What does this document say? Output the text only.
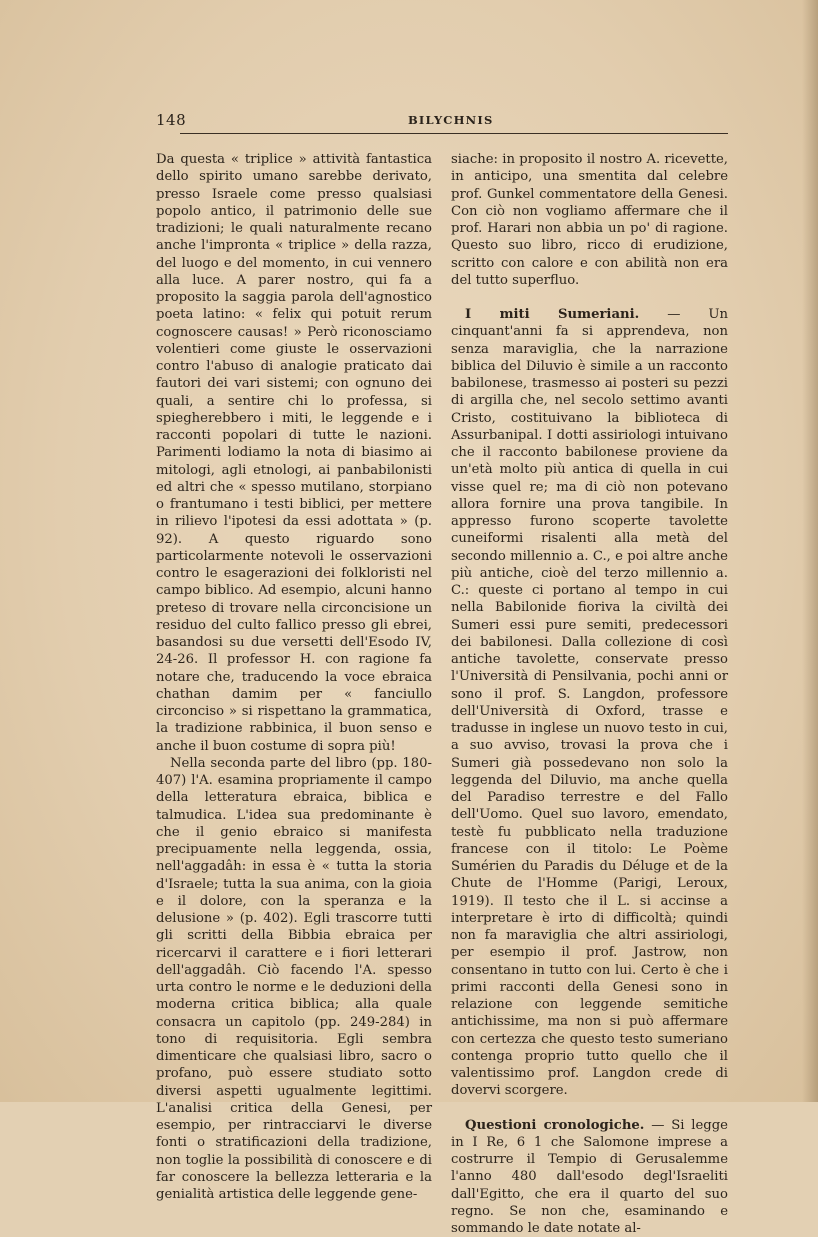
148	BILYCHNIS

Da questa « triplice » attività fantastica dello spirito umano sarebbe derivato, presso Israele come presso qualsiasi popolo antico, il patrimonio delle sue tradizioni; le quali naturalmente recano anche l'impronta « triplice » della razza, del luogo e del momento, in cui vennero alla luce. A parer nostro, qui fa a proposito la saggia parola dell'agnostico poeta latino: « felix qui potuit rerum cognoscere causas! » Però riconosciamo volentieri come giuste le osservazioni contro l'abuso di analogie praticato dai fautori dei vari sistemi; con ognuno dei quali, a sentire chi lo professa, si spiegherebbero i miti, le leggende e i racconti popolari di tutte le nazioni. Parimenti lodiamo la nota di biasimo ai mitologi, agli etnologi, ai panbabilonisti ed altri che « spesso mutilano, storpiano o frantumano i testi biblici, per mettere in rilievo l'ipotesi da essi adottata » (p. 92). A questo riguardo sono particolarmente notevoli le osservazioni contro le esagerazioni dei folkloristi nel campo biblico. Ad esempio, alcuni hanno preteso di trovare nella circoncisione un residuo del culto fallico presso gli ebrei, basandosi su due versetti dell'Esodo IV, 24-26. Il professor H. con ragione fa notare che, traducendo la voce ebraica chathan damim per « fanciullo circonciso » si rispettano la grammatica, la tradizione rabbinica, il buon senso e anche il buon costume di sopra più!

Nella seconda parte del libro (pp. 180-407) l'A. esamina propriamente il campo della letteratura ebraica, biblica e talmudica. L'idea sua predominante è che il genio ebraico si manifesta precipuamente nella leggenda, ossia, nell'aggadâh: in essa è « tutta la storia d'Israele; tutta la sua anima, con la gioia e il dolore, con la speranza e la delusione » (p. 402). Egli trascorre tutti gli scritti della Bibbia ebraica per ricercarvi il carattere e i fiori letterari dell'aggadâh. Ciò facendo l'A. spesso urta contro le norme e le deduzioni della moderna critica biblica; alla quale consacra un capitolo (pp. 249-284) in tono di requisitoria. Egli sembra dimenticare che qualsiasi libro, sacro o profano, può essere studiato sotto diversi aspetti ugualmente legittimi. L'analisi critica della Genesi, per esempio, per rintracciarvi le diverse fonti o stratificazioni della tradizione, non toglie la possibilità di conoscere e di far conoscere la bellezza letteraria e la genialità artistica delle leggende gene-

siache: in proposito il nostro A. ricevette, in anticipo, una smentita dal celebre prof. Gunkel commentatore della Genesi. Con ciò non vogliamo affermare che il prof. Harari non abbia un po' di ragione. Questo suo libro, ricco di erudizione, scritto con calore e con abilità non era del tutto superfluo.

I miti Sumeriani. — Un cinquant'anni fa si apprendeva, non senza maraviglia, che la narrazione biblica del Diluvio è simile a un racconto babilonese, trasmesso ai posteri su pezzi di argilla che, nel secolo settimo avanti Cristo, costituivano la biblioteca di Assurbanipal. I dotti assiriologi intuivano che il racconto babilonese proviene da un'età molto più antica di quella in cui visse quel re; ma di ciò non potevano allora fornire una prova tangibile. In appresso furono scoperte tavolette cuneiformi risalenti alla metà del secondo millennio a. C., e poi altre anche più antiche, cioè del terzo millennio a. C.: queste ci portano al tempo in cui nella Babilonide fioriva la civiltà dei Sumeri essi pure semiti, predecessori dei babilonesi. Dalla collezione di così antiche tavolette, conservate presso l'Università di Pensilvania, pochi anni or sono il prof. S. Langdon, professore dell'Università di Oxford, trasse e tradusse in inglese un nuovo testo in cui, a suo avviso, trovasi la prova che i Sumeri già possedevano non solo la leggenda del Diluvio, ma anche quella del Paradiso terrestre e del Fallo dell'Uomo. Quel suo lavoro, emendato, testè fu pubblicato nella traduzione francese con il titolo: Le Poème Sumérien du Paradis du Déluge et de la Chute de l'Homme (Parigi, Leroux, 1919). Il testo che il L. si accinse a interpretare è irto di difficoltà; quindi non fa maraviglia che altri assiriologi, per esempio il prof. Jastrow, non consentano in tutto con lui. Certo è che i primi racconti della Genesi sono in relazione con leggende semitiche antichissime, ma non si può affermare con certezza che questo testo sumeriano contenga proprio tutto quello che il valentissimo prof. Langdon crede di dovervi scorgere.

Questioni cronologiche. — Si legge in I Re, 6 1 che Salomone imprese a costrurre il Tempio di Gerusalemme l'anno 480 dall'esodo degl'Israeliti dall'Egitto, che era il quarto del suo regno. Se non che, esaminando e sommando le date notate al-
